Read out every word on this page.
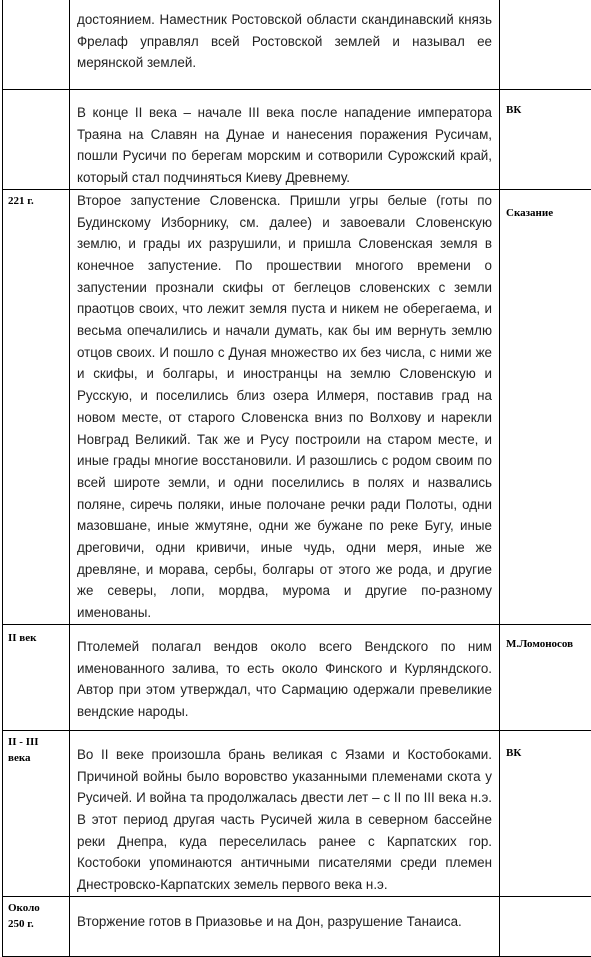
	достоянием. Наместник Ростовской области скандинавский князь Фрелаф управлял всей Ростовской землей и называл ее мерянской землей.	

	В конце II века – начале III века после нападение императора Траяна на Славян на Дунае и нанесения поражения Русичам, пошли Русичи по берегам морским и сотворили Сурожский край, который стал подчиняться Киеву Древнему.	ВК

221 г.	Второе запустение Словенска. Пришли угры белые (готы по Будинскому Изборнику, см. далее) и завоевали Словенскую землю, и грады их разрушили, и пришла Словенская земля в конечное запустение. По прошествии многого времени о запустении прознали скифы от беглецов словенских с земли праотцов своих, что лежит земля пуста и никем не оберегаема, и весьма опечалились и начали думать, как бы им вернуть землю отцов своих. И пошло с Дуная множество их без числа, с ними же и скифы, и болгары, и иностранцы на землю Словенскую и Русскую, и поселились близ озера Илмеря, поставив град на новом месте, от старого Словенска вниз по Волхову и нарекли Новград Великий. Так же и Русу построили на старом месте, и иные грады многие восстановили. И разошлись с родом своим по всей широте земли, и одни поселились в полях и назвались поляне, сиречь поляки, иные полочане речки ради Полоты, одни мазовшане, иные жмутяне, одни же бужане по реке Бугу, иные дреговичи, одни кривичи, иные чудь, одни меря, иные же древляне, и морава, сербы, болгары от этого же рода, и другие же северы, лопи, мордва, мурома и другие по-разному именованы.	Сказание

II век	Птолемей полагал вендов около всего Вендского по ним именованного залива, то есть около Финского и Курляндского. Автор при этом утверждал, что Сармацию одержали превеликие вендские народы.	М.Ломоносов

II - III
века	Во II веке произошла брань великая с Язами и Костобоками. Причиной войны было воровство указанными племенами скота у Русичей. И война та продолжалась двести лет – с II по III века н.э. В этот период другая часть Русичей жила в северном бассейне реки Днепра, куда переселилась ранее с Карпатских гор. Костобоки упоминаются античными писателями среди племен Днестровско-Карпатских земель первого века н.э.	ВК

Около
250 г.	Вторжение готов в Приазовье и на Дон, разрушение Танаиса.	
